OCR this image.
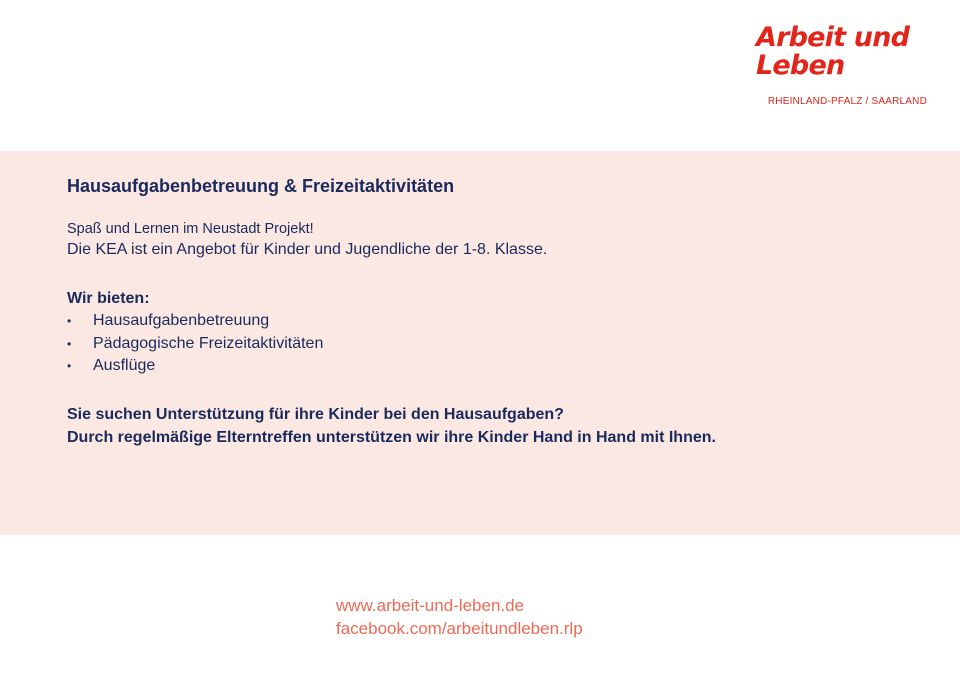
Arbeit und
Leben
RHEINLAND-PFALZ / SAARLAND
Hausaufgabenbetreuung & Freizeitaktivitäten
Spaß und Lernen im Neustadt Projekt!
Die KEA ist ein Angebot für Kinder und Jugendliche der 1-8. Klasse.
Wir bieten:
• Hausaufgabenbetreuung
• Pädagogische Freizeitaktivitäten
• Ausflüge
Sie suchen Unterstützung für ihre Kinder bei den Hausaufgaben?
Durch regelmäßige Elterntreffen unterstützen wir ihre Kinder Hand in Hand mit Ihnen.
www.arbeit-und-leben.de
facebook.com/arbeitundleben.rlp
